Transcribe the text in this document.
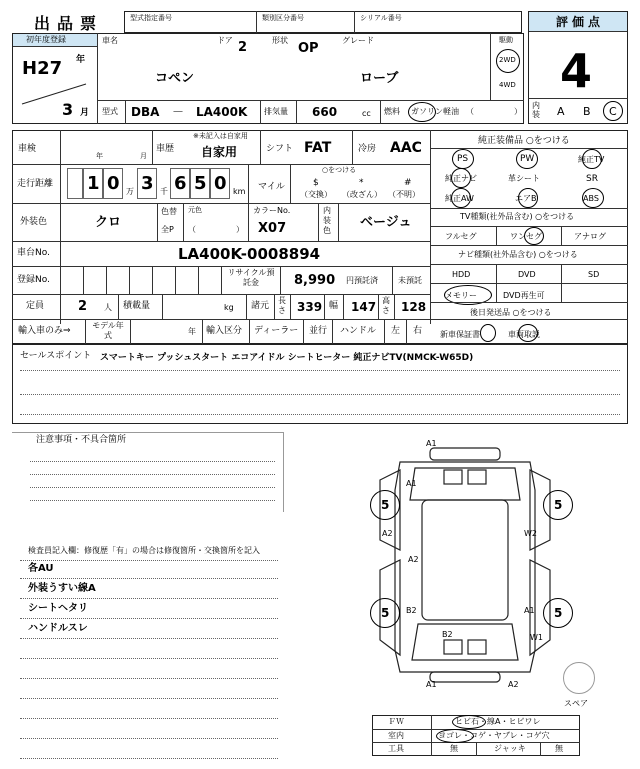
出品票	型式指定番号	類別区分番号	シリアル番号	評価点
4
内装 A B C
初年度登録
H27 年
3 月
車名
コペン
ドア 2	形状
OP
グレード
ローブ
駆動
2WD
4WD
型式 DBA － LA400K 排気量 660	cc 燃料 ガソリン 軽油 （	）
車検
年	月
車歴
※未記入は自家用
自家用	シフト FAT	冷房 AAC
走行距離 1 0 万 3 千 6 5 0 km マイル
○をつける
$
（交換）
*
（改ざん）
#
（不明）
外装色	クロ
色替
全P
元色
（	）
カラーNo.
X07
内装色
ベージュ
車台No.	LA400K-0008894
登録No.
リサイクル預託金	8,990 円預託済	未預託
定員	2 人 積載量	kg 諸元
長さ 339 幅 147 高さ 128
輸入車のみ⇒
モデル年式	年 輸入区分 ディーラー 並行 ハンドル 左 右
純正装備品 ○をつける
PS	PW	純正TV
純正ナビ	革シート	SR
純正AW	エアB	ABS
TV種類(社外品含む) ○をつける
フルセグ	ワンセグ	アナログ
ナビ種類(社外品含む) ○をつける
HDD	DVD	SD
メモリー	DVD再生可
後日発送品 ○をつける
新車保証書	車両取説
セールスポイント スマートキー プッシュスタート エコアイドル シートヒーター 純正ナビTV(NMCK-W65D)
注意事項・不具合箇所
検査員記入欄：修復歴「有」の場合は修復箇所・交換箇所を記入
各AU
外装うすい線A
シートヘタリ
ハンドルスレ
A1
A1
A2	W2
A2
B2	A1
W1
B2
A1	A2
5	5
5	5
スペア
ＦＷ	ヒビ石・線A・ヒビワレ
室内	ヨゴレ・コゲ・ヤブレ・コゲ穴
工具	無	ジャッキ	無
